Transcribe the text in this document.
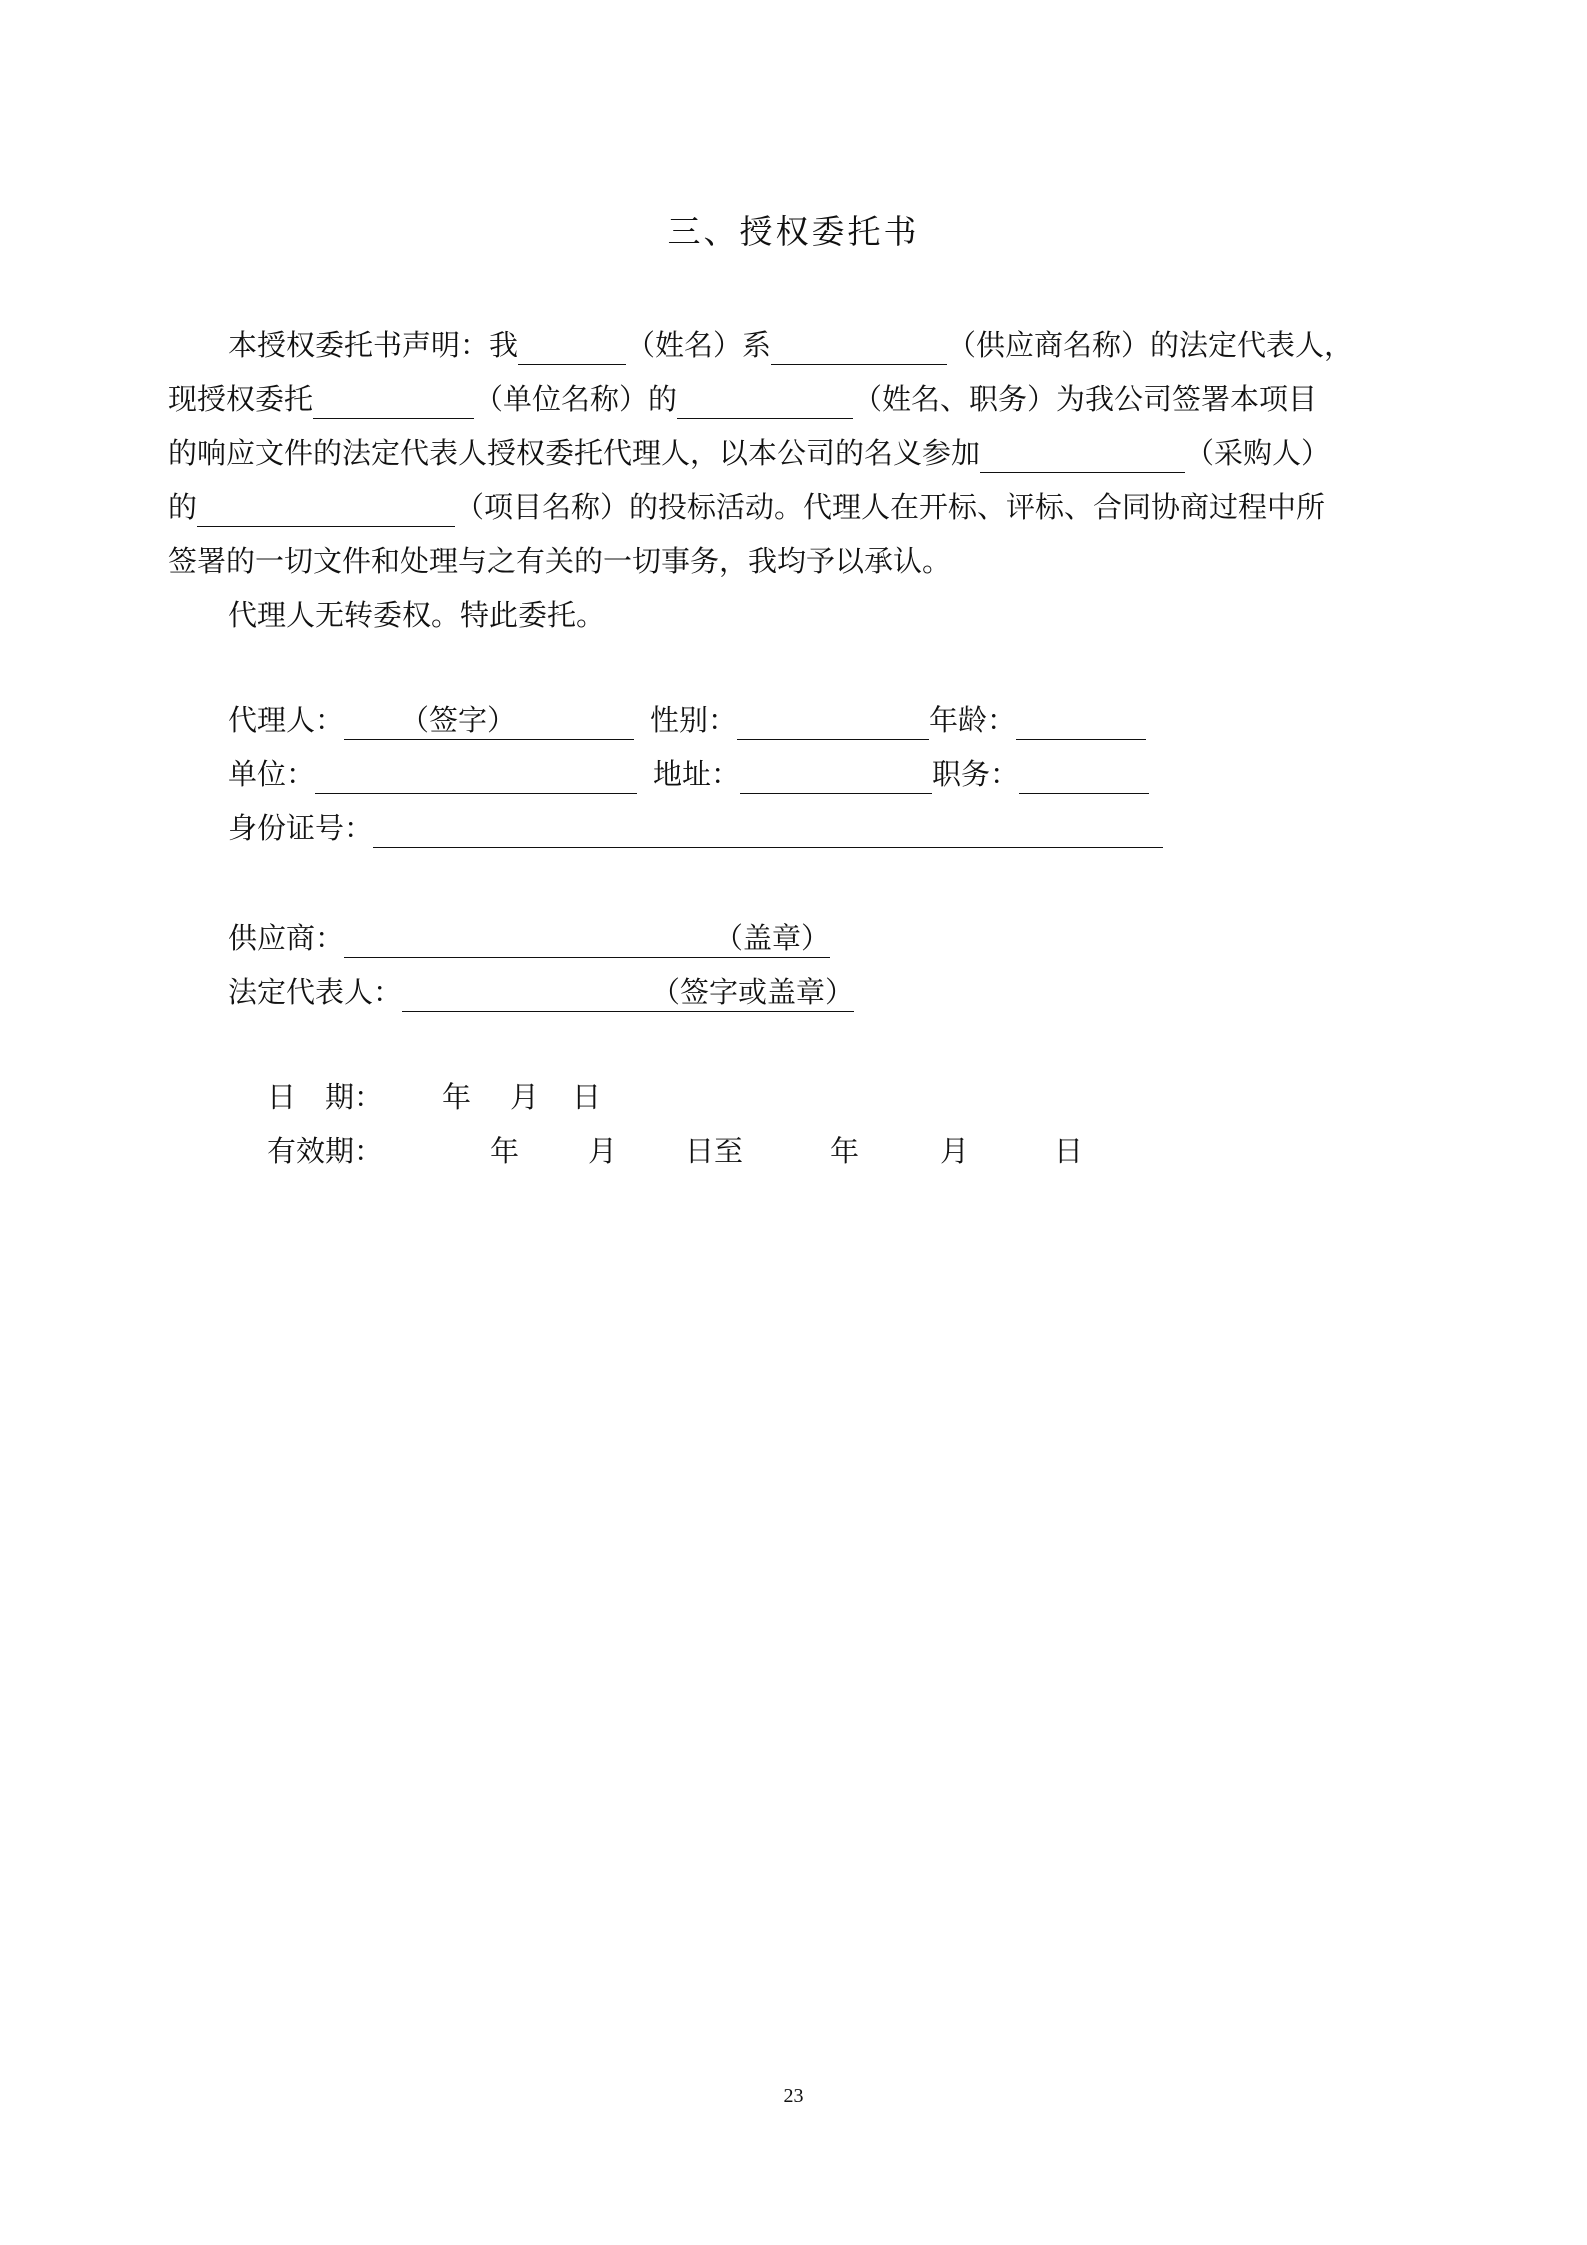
三、授权委托书
本授权委托书声明：我	（姓名）系	（供应商名称）的法定代表人，
现授权委托	（单位名称）的	（姓名、职务）为我公司签署本项目
的响应文件的法定代表人授权委托代理人，以本公司的名义参加	（采购人）
的	（项目名称）的投标活动。代理人在开标、评标、合同协商过程中所
签署的一切文件和处理与之有关的一切事务，我均予以承认。
代理人无转委权。特此委托。
代理人： （签字）	性别：	年龄：
单位：	地址：	职务：
身份证号：
供应商：	（盖章）
法定代表人：	（签字或盖章）
日　期： 年 月 日
有效期：	年 月 日至	年	月	日
23
